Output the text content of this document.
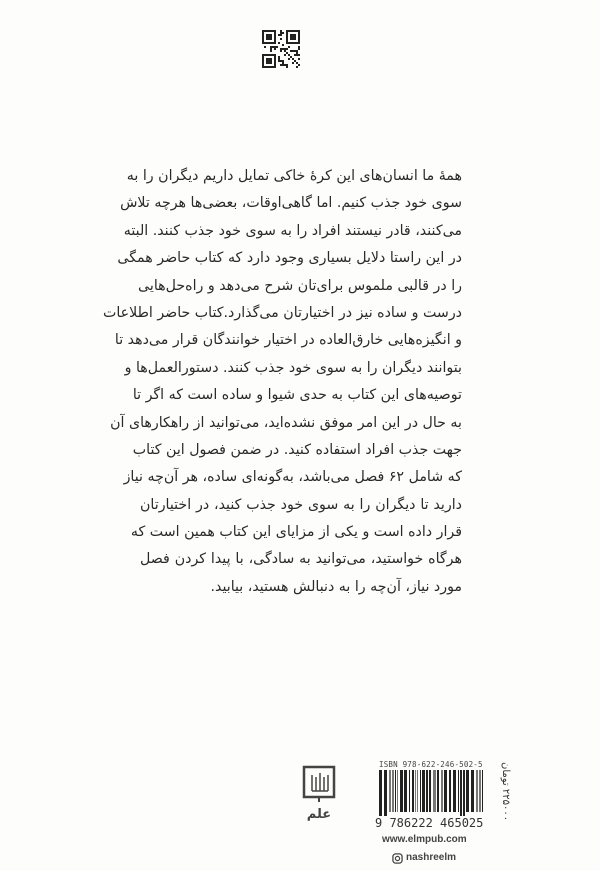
همهٔ ما انسان‌های این کرهٔ خاکی تمایل داریم دیگران را به
سوی خود جذب کنیم. اما گاهی‌اوقات، بعضی‌ها هرچه تلاش
می‌کنند، قادر نیستند افراد را به سوی خود جذب کنند. البته
در این راستا دلایل بسیاری وجود دارد که کتاب حاضر همگی
را در قالبی ملموس برای‌تان شرح می‌دهد و راه‌حل‌هایی
درست و ساده نیز در اختیارتان می‌گذارد.کتاب حاضر اطلاعات
و انگیزه‌هایی خارق‌العاده در اختیار خوانندگان قرار می‌دهد تا
بتوانند دیگران را به سوی خود جذب کنند. دستورالعمل‌ها و
توصیه‌های این کتاب به حدی شیوا و ساده است که اگر تا
به حال در این امر موفق نشده‌اید، می‌توانید از راهکارهای آن
جهت جذب افراد استفاده کنید. در ضمن فصول این کتاب
که شامل ۶۲ فصل می‌باشد، به‌گونه‌ای ساده، هر آن‌چه نیاز
دارید تا دیگران را به سوی خود جذب کنید، در اختیارتان
قرار داده است و یکی از مزایای این کتاب همین است که
هرگاه خواستید، می‌توانید به سادگی، با پیدا کردن فصل
مورد نیاز، آن‌چه را به دنبالش هستید، بیابید.
علم
ISBN 978-622-246-502-5
9 786222 465025
۲۲۵۰۰۰ تومان
www.elmpub.com
nashreelm
